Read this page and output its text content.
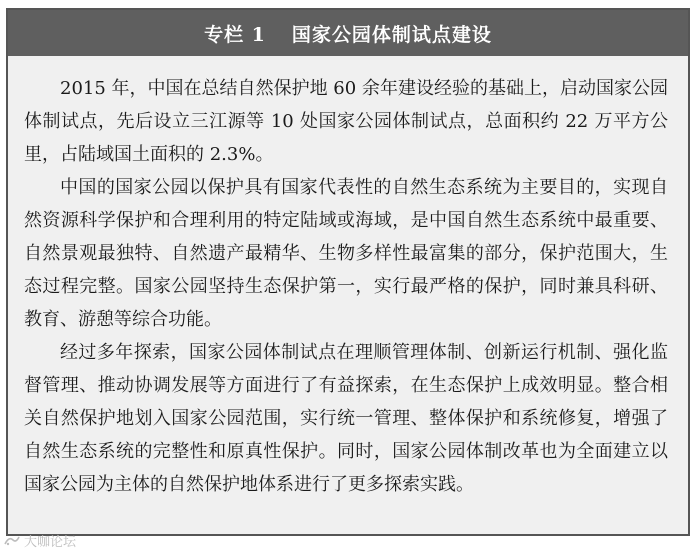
专栏 1 国家公园体制试点建设

2015 年，中国在总结自然保护地 60 余年建设经验的基础上，启动国家公园体制试点，先后设立三江源等 10 处国家公园体制试点，总面积约 22 万平方公里，占陆域国土面积的 2.3%。

中国的国家公园以保护具有国家代表性的自然生态系统为主要目的，实现自然资源科学保护和合理利用的特定陆域或海域，是中国自然生态系统中最重要、自然景观最独特、自然遗产最精华、生物多样性最富集的部分，保护范围大，生态过程完整。国家公园坚持生态保护第一，实行最严格的保护，同时兼具科研、教育、游憩等综合功能。

经过多年探索，国家公园体制试点在理顺管理体制、创新运行机制、强化监督管理、推动协调发展等方面进行了有益探索，在生态保护上成效明显。整合相关自然保护地划入国家公园范围，实行统一管理、整体保护和系统修复，增强了自然生态系统的完整性和原真性保护。同时，国家公园体制改革也为全面建立以国家公园为主体的自然保护地体系进行了更多探索实践。

大咖论坛
